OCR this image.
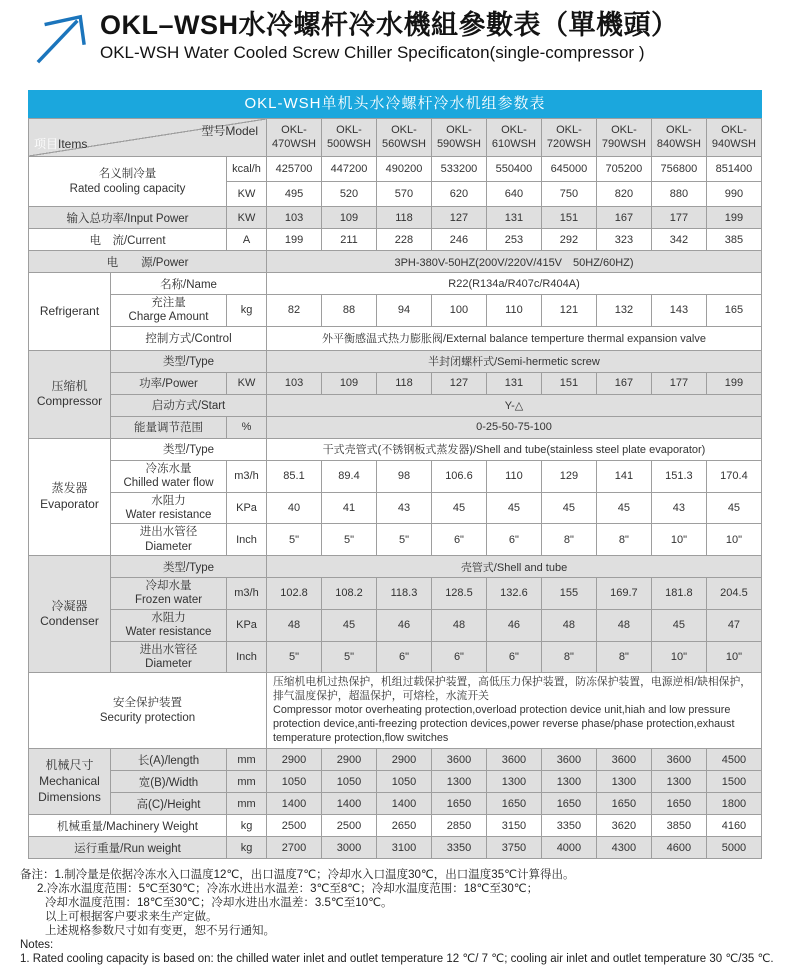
OKL–WSH水冷螺杆冷水機組參數表（單機頭）
OKL-WSH Water Cooled Screw Chiller Specificaton(single-compressor )
OKL-WSH单机头水冷螺杆冷水机组参数表
型号Model
项目Items			OKL-470WSH	OKL-500WSH	OKL-560WSH	OKL-590WSH	OKL-610WSH	OKL-720WSH	OKL-790WSH	OKL-840WSH	OKL-940WSH

名义制冷量
Rated cooling capacity		kcal/h	425700	447200	490200	533200	550400	645000	705200	756800	851400
		KW	495	520	570	620	640	750	820	880	990
输入总功率/Input Power		KW	103	109	118	127	131	151	167	177	199
电　流/Current		A	199	211	228	246	253	292	323	342	385
电　　源/Power			3PH-380V-50HZ(200V/220V/415V　50HZ/60HZ)								

Refrigerant	名称/Name		R22(R134a/R407c/R404A)								

	充注量
Charge Amount	kg	82	88	94	100	110	121	132	143	165
	控制方式/Control		外平衡感温式热力膨胀阀/External balance temperture thermal expansion valve								

压缩机
Compressor	类型/Type		半封闭螺杆式/Semi-hermetic screw								
	功率/Power	KW	103	109	118	127	131	151	167	177	199
	启动方式/Start		Y-△								
	能量调节范围	%	0-25-50-75-100								

蒸发器
Evaporator	类型/Type		干式壳管式(不锈钢板式蒸发器)/Shell and tube(stainless steel plate evaporator)								

	冷冻水量
Chilled water flow	m3/h	85.1	89.4	98	106.6	110	129	141	151.3	170.4

	水阻力
Water resistance	KPa	40	41	43	45	45	45	45	43	45

	进出水管径
Diameter	Inch	5"	5"	5"	6"	6"	8"	8"	10"	10"

冷凝器
Condenser	类型/Type		壳管式/Shell and tube								

	冷却水量
Frozen water	m3/h	102.8	108.2	118.3	128.5	132.6	155	169.7	181.8	204.5

	水阻力
Water resistance	KPa	48	45	46	48	46	48	48	45	47

	进出水管径
Diameter	Inch	5"	5"	6"	6"	6"	8"	8"	10"	10"

安全保护装置
Security protection

压缩机电机过热保护，机组过载保护装置，高低压力保护装置，防冻保护装置，电源逆相/缺相保护，排气温度保护，超温保护，可熔栓，水流开关
Compressor motor overheating protection,overload protection device unit,hiah and low pressure protection device,anti-freezing protection devices,power reverse phase/phase protection,exhaust temperature protection,flow switches

机械尺寸
Mechanical
Dimensions	长(A)/length	mm	2900	2900	2900	3600	3600	3600	3600	3600	4500
	宽(B)/Width	mm	1050	1050	1050	1300	1300	1300	1300	1300	1500
	高(C)/Height	mm	1400	1400	1400	1650	1650	1650	1650	1650	1800
机械重量/Machinery Weight		kg	2500	2500	2650	2850	3150	3350	3620	3850	4160
运行重量/Run weight		kg	2700	3000	3100	3350	3750	4000	4300	4600	5000
备注：1.制冷量是依据冷冻水入口温度12℃，出口温度7℃；冷却水入口温度30℃，出口温度35℃计算得出。
2.冷冻水温度范围：5℃至30℃；冷冻水进出水温差：3℃至8℃；冷却水温度范围：18℃至30℃；
冷却水温度范围：18℃至30℃；冷却水进出水温差：3.5℃至10℃。
以上可根据客户要求来生产定做。
上述规格参数尺寸如有变更，恕不另行通知。
Notes:
1. Rated cooling capacity is based on: the chilled water inlet and outlet temperature 12 ℃/ 7 ℃; cooling air inlet and outlet temperature 30 ℃/35 ℃.
